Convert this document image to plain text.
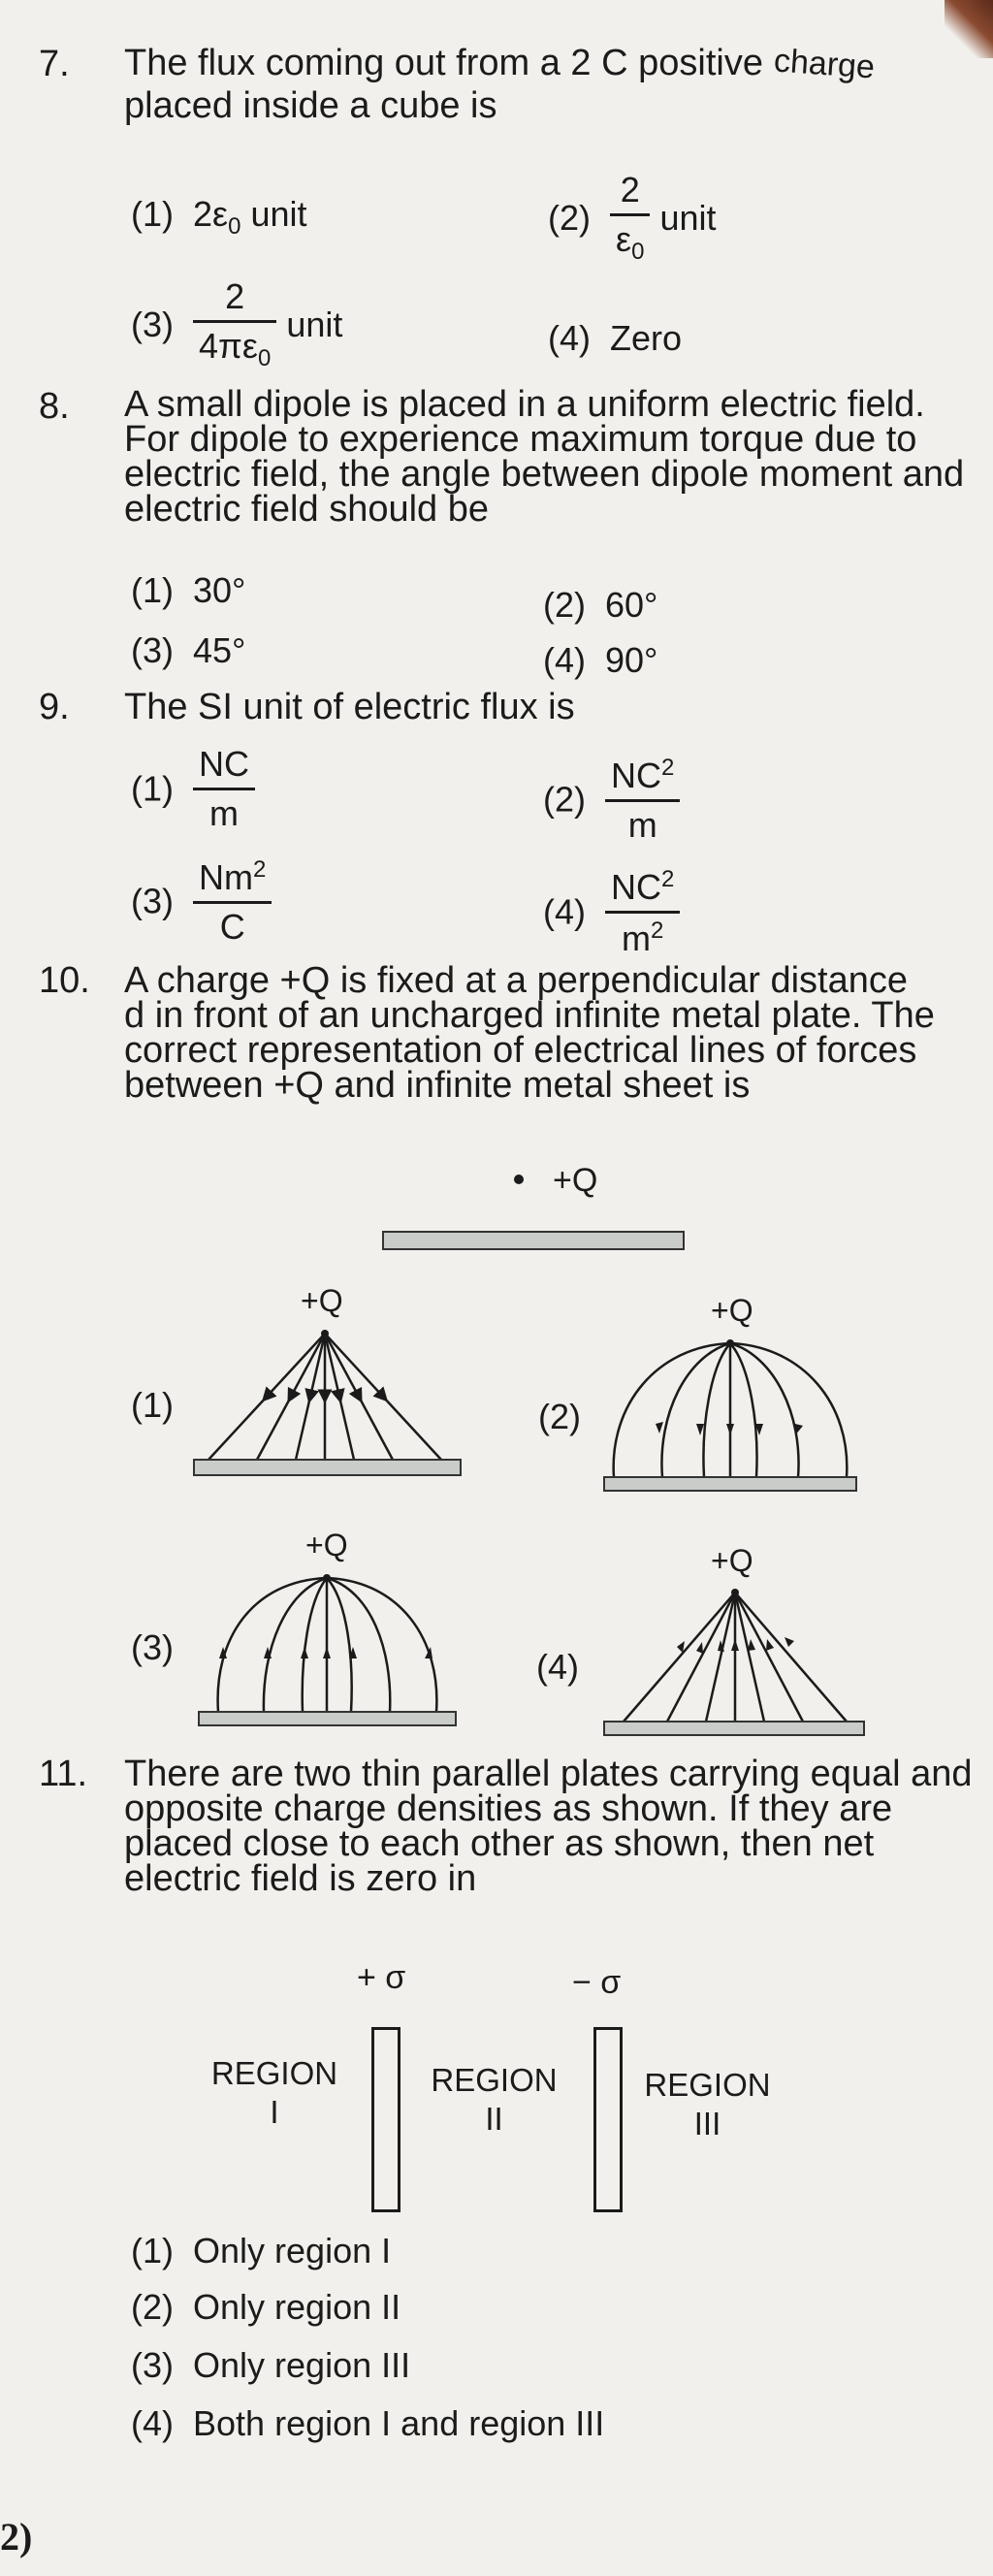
7. The flux coming out from a 2 C positive charge
placed inside a cube is
(1) $2\varepsilon_0$ unit	$(2) \frac{2}{\varepsilon_0}$ unit
$(3) \frac{2}{4\pi\varepsilon_0}$ unit	(4) Zero
8. A small dipole is placed in a uniform electric field.
For dipole to experience maximum torque due to
electric field, the angle between dipole moment and
electric field should be
(1) 30°	(2) 60°
(3) 45°	(4) 90°
9. The SI unit of electric flux is
$(1) \frac{NC}{m}$	$(2) \frac{NC^2}{m}$
$(3) \frac{Nm^2}{C}$	$(4) \frac{NC^2}{m^2}$
10. A charge +Q is fixed at a perpendicular distance
d in front of an uncharged infinite metal plate. The
correct representation of electrical lines of forces
between +Q and infinite metal sheet is
+Q
(1)
+Q
(2)
+Q
(3)
+Q
(4)
+Q
11. There are two thin parallel plates carrying equal and
opposite charge densities as shown. If they are
placed close to each other as shown, then net
electric field is zero in
+ σ	− σ
REGION
I
REGION
II
REGION
III
(1) Only region I
(2) Only region II
(3) Only region III
(4) Both region I and region III
2)
